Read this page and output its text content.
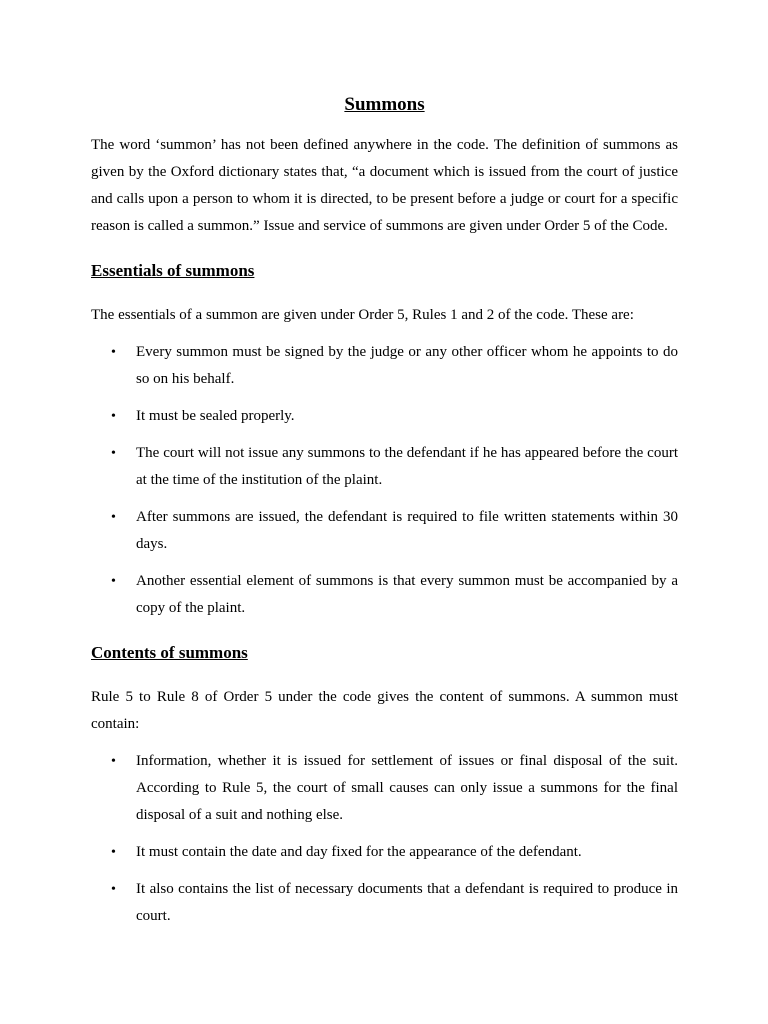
Summons

The word ‘summon’ has not been defined anywhere in the code. The definition of summons as given by the Oxford dictionary states that, “a document which is issued from the court of justice and calls upon a person to whom it is directed, to be present before a judge or court for a specific reason is called a summon.” Issue and service of summons are given under Order 5 of the Code.

Essentials of summons

The essentials of a summon are given under Order 5, Rules 1 and 2 of the code. These are:

• Every summon must be signed by the judge or any other officer whom he appoints to do so on his behalf.
• It must be sealed properly.
• The court will not issue any summons to the defendant if he has appeared before the court at the time of the institution of the plaint.
• After summons are issued, the defendant is required to file written statements within 30 days.
• Another essential element of summons is that every summon must be accompanied by a copy of the plaint.
Contents of summons

Rule 5 to Rule 8 of Order 5 under the code gives the content of summons. A summon must contain:

• Information, whether it is issued for settlement of issues or final disposal of the suit. According to Rule 5, the court of small causes can only issue a summons for the final disposal of a suit and nothing else.
• It must contain the date and day fixed for the appearance of the defendant.
• It also contains the list of necessary documents that a defendant is required to produce in court.
